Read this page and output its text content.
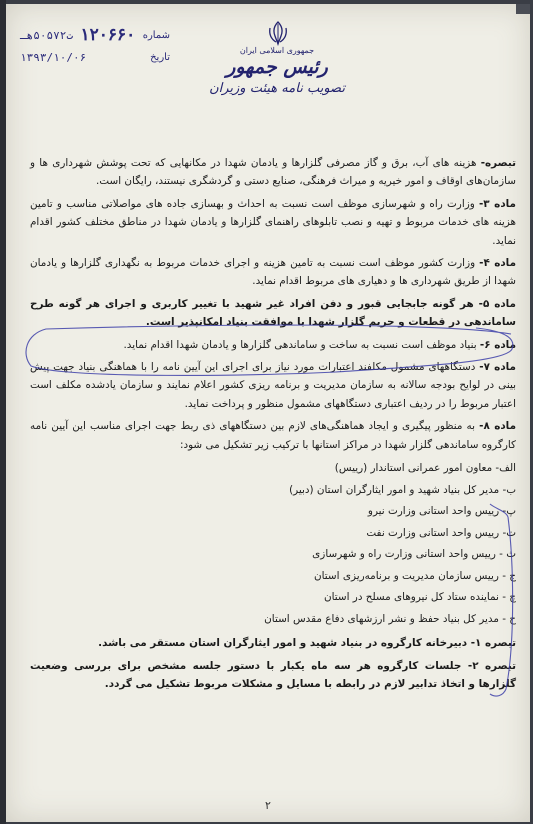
شماره
۱۲۰۶۶۰
ت۵۰۵۷۲هـ
تاریخ
۱۳۹۳/۱۰/۰۶	جمهوری اسلامی ایران
رئیس جمهور
تصویب نامه هیئت وزیران

تبصره- هزینه های آب، برق و گاز مصرفی گلزارها و یادمان شهدا در مکانهایی که تحت پوشش شهرداری ها و سازمان‌های اوقاف و امور خیریه و میراث فرهنگی، صنایع دستی و گردشگری نیستند، رایگان است.

ماده ۳- وزارت راه و شهرسازی موظف است نسبت به احداث و بهسازی جاده های مواصلاتی مناسب و تامین هزینه های خدمات مربوط و تهیه و نصب تابلوهای راهنمای گلزارها و یادمان شهدا در مناطق مختلف کشور اقدام نماید.

ماده ۴- وزارت کشور موظف است نسبت به تامین هزینه و اجرای خدمات مربوط به نگهداری گلزارها و یادمان شهدا از طریق شهرداری ها و دهیاری های مربوط اقدام نماید.

ماده ۵- هر گونه جابجایی قبور و دفن افراد غیر شهید با تغییر کاربری و اجرای هر گونه طرح ساماندهی در قطعات و حریم گلزار شهدا با موافقت بنیاد امکانپذیر است.

ماده ۶- بنیاد موظف است نسبت به ساخت و ساماندهی گلزارها و یادمان شهدا اقدام نماید.

ماده ۷- دستگاههای مشمول مکلفند اعتبارات مورد نیاز برای اجرای این آیین نامه را با هماهنگی بنیاد جهت پیش بینی در لوایح بودجه سالانه به سازمان مدیریت و برنامه ریزی کشور اعلام نمایند و سازمان یادشده مکلف است اعتبار مربوط را در ردیف اعتباری دستگاههای مشمول منظور و پرداخت نماید.

ماده ۸- به منظور پیگیری و ایجاد هماهنگی‌های لازم بین دستگاههای ذی ربط جهت اجرای مناسب این آیین نامه کارگروه ساماندهی گلزار شهدا در مراکز استانها با ترکیب زیر تشکیل می شود:

الف- معاون امور عمرانی استاندار (رییس)
ب- مدیر کل بنیاد شهید و امور ایثارگران استان (دبیر)
پ- رییس واحد استانی وزارت نیرو
ت- رییس واحد استانی وزارت نفت
ث - رییس واحد استانی وزارت راه و شهرسازی
ج - رییس سازمان مدیریت و برنامه‌ریزی استان
چ - نماینده ستاد کل نیروهای مسلح در استان
ح - مدیر کل بنیاد حفظ و نشر ارزشهای دفاع مقدس استان

تبصره ۱- دبیرخانه کارگروه در بنیاد شهید و امور ایثارگران استان مستقر می باشد.

تبصره ۲- جلسات کارگروه هر سه ماه یکبار با دستور جلسه مشخص برای بررسی وضعیت گلزارها و اتخاذ تدابیر لازم در رابطه با مسایل و مشکلات مربوط تشکیل می گردد.

۲
